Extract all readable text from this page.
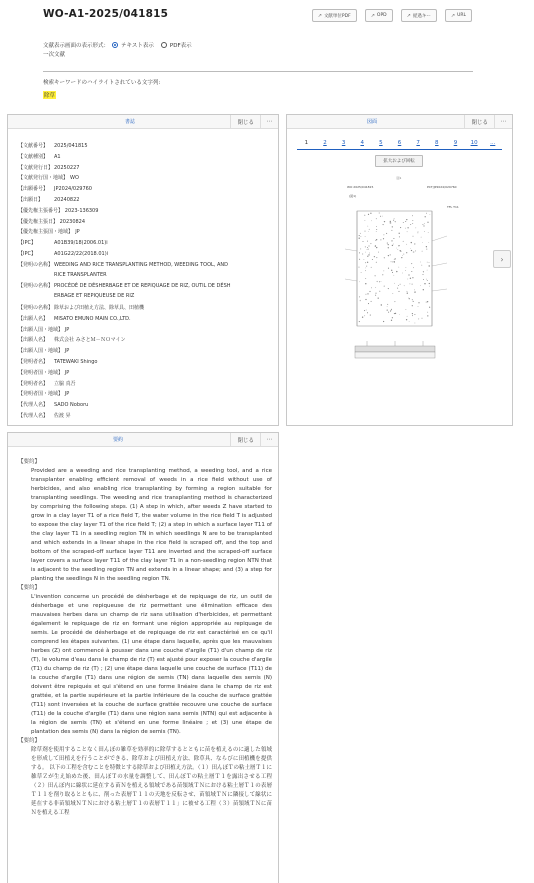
WO-A1-2025/041815	↗ 文献単位PDF	↗ OPD	↗ 経過キー	↗ URL
文献表示画面の表示形式： テキスト表示	PDF表示
一次文献
検索キーワードのハイライトされている文字列:
除草
書誌	閉じる	⋯
【文献番号】 2025/041815
【文献種別】 A1
【文献発行日】20250227
【文献発行国・地域】 WO
【出願番号】 JP2024/029760
【出願日】 20240822
【優先権主張番号】 2023-136309
【優先権主張日】 20230824
【優先権主張国・地域】 JP
【IPC】	A01B39/18(2006.01)i
【IPC】	A01G22/22(2018.01)i
【発明の名称】WEEDING AND RICE TRANSPLANTING METHOD, WEEDING TOOL, AND
RICE TRANSPLANTER
【発明の名称】PROCÉDÉ DE DÉSHERBAGE ET DE REPIQUAGE DE RIZ, OUTIL DE DÉSH
ERBAGE ET REPIQUEUSE DE RIZ
【発明の名称】除草および田植え方法、除草具、田植機
【出願人名】 MISATO EMUNO MAIN CO.,LTD.
【出願人国・地域】 JP
【出願人名】 株式会社 みさとＭ－ＮＯマイン
【出願人国・地域】 JP
【発明者名】 TATEWAKI Shingo
【発明者国・地域】 JP
【発明者名】 立脇 真吾
【発明者国・地域】 JP
【代理人名】 SADO Noboru
【代理人名】 佐渡 昇
図面	閉じる	⋯
1	2	3	4	5	6	7	8	9	10	...
拡大および回転
図1
WO 2025/041815	PCT/JP2024/029760
(図1)
TFL T11
›
要約	閉じる	⋯
【要約】

Provided are a weeding and rice transplanting method, a weeding tool, and a rice transplanter enabling efficient removal of weeds in a rice field without use of herbicides, and also enabling rice transplanting by forming a region suitable for transplanting seedlings. The weeding and rice transplanting method is characterized by comprising the following steps. (1) A step in which, after weeds Z have started to grow in a clay layer T1 of a rice field T, the water volume in the rice field T is adjusted to expose the clay layer T1 of the rice field T; (2) a step in which a surface layer T11 of the clay layer T1 in a seedling region TN in which seedlings N are to be transplanted and which extends in a linear shape in the rice field is scraped off, and the top and bottom of the scraped-off surface layer T11 are inverted and the scraped-off surface layer covers a surface layer T11 of the clay layer T1 in a non-seedling region NTN that is adjacent to the seedling region TN and extends in a linear shape; and (3) a step for planting the seedlings N in the seedling region TN.

【要約】

L'invention concerne un procédé de désherbage et de repiquage de riz, un outil de désherbage et une repiqueuse de riz permettant une élimination efficace des mauvaises herbes dans un champ de riz sans utilisation d'herbicides, et permettant également le repiquage de riz en formant une région appropriée au repiquage de semis. Le procédé de désherbage et de repiquage de riz est caractérisé en ce qu'il comprend les étapes suivantes. (1) une étape dans laquelle, après que les mauvaises herbes (Z) ont commencé à pousser dans une couche d'argile (T1) d'un champ de riz (T), le volume d'eau dans le champ de riz (T) est ajusté pour exposer la couche d'argile (T1) du champ de riz (T) ; (2) une étape dans laquelle une couche de surface (T11) de la couche d'argile (T1) dans une région de semis (TN) dans laquelle des semis (N) doivent être repiqués et qui s'étend en une forme linéaire dans le champ de riz est grattée, et la partie supérieure et la partie inférieure de la couche de surface grattée (T11) sont inversées et la couche de surface grattée recouvre une couche de surface (T11) de la couche d'argile (T1) dans une région sans semis (NTN) qui est adjacente à la région de semis (TN) et s'étend en une forme linéaire ; et (3) une étape de plantation des semis (N) dans la région de semis (TN).

【要約】

除草剤を使用することなく田んぼの雑草を効率的に除草するとともに苗を植えるのに適した領域を形成して田植えを行うことができる、除草および田植え方法、除草具、ならびに田植機を提供する。 以下の工程を含むことを特徴とする除草および田植え方法。（１）田んぼＴの粘土層Ｔ１に雑草Ｚが生え始めた後、田んぼＴの水量を調整して、田んぼＴの粘土層Ｔ１を露出させる工程（２）田んぼ内に線状に延在する苗Ｎを植える領域である苗領域ＴＮにおける粘土層Ｔ１の表層Ｔ１１を削り取るとともに、削った表層Ｔ１１の天地を反転させ、苗領域ＴＮに隣接して線状に延在する非苗領域ＮＴＮにおける粘土層Ｔ１の表層Ｔ１１」に被せる工程（３）苗領域ＴＮに苗Ｎを植える工程
